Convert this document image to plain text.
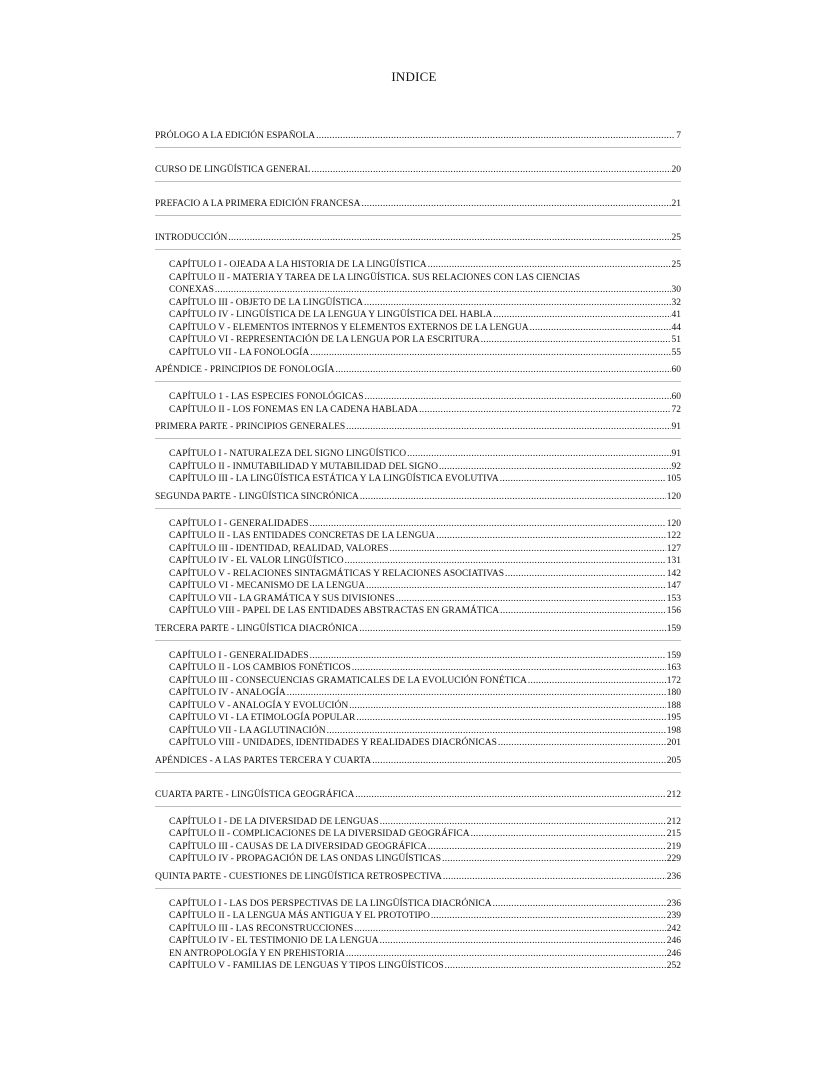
INDICE
PRÓLOGO A LA EDICIÓN ESPAÑOLA .....	7
CURSO DE LINGÜÍSTICA GENERAL .....	20
PREFACIO A LA PRIMERA EDICIÓN FRANCESA .....	21
INTRODUCCIÓN .....	25
CAPÍTULO I - OJEADA A LA HISTORIA DE LA LINGÜÍSTICA .....	25
CAPÍTULO II - MATERIA Y TAREA DE LA LINGÜÍSTICA. SUS RELACIONES CON LAS CIENCIAS
CONEXAS .....	30
CAPÍTULO III - OBJETO DE LA LINGÜÍSTICA .....	32
CAPÍTULO IV - LINGÜÍSTICA DE LA LENGUA Y LINGÜÍSTICA DEL HABLA .....	41
CAPÍTULO V - ELEMENTOS INTERNOS Y ELEMENTOS EXTERNOS DE LA LENGUA .....	44
CAPÍTULO VI - REPRESENTACIÓN DE LA LENGUA POR LA ESCRITURA .....	51
CAPÍTULO VII - LA FONOLOGÍA .....	55
APÉNDICE - PRINCIPIOS DE FONOLOGÍA .....	60
CAPÍTULO 1 - LAS ESPECIES FONOLÓGICAS .....	60
CAPÍTULO II - LOS FONEMAS EN LA CADENA HABLADA .....	72
PRIMERA PARTE - PRINCIPIOS GENERALES .....	91
CAPÍTULO I - NATURALEZA DEL SIGNO LINGÜÍSTICO .....	91
CAPÍTULO II - INMUTABILIDAD Y MUTABILIDAD DEL SIGNO .....	92
CAPÍTULO III - LA LINGÜÍSTICA ESTÁTICA Y LA LINGÜÍSTICA EVOLUTIVA .....	105
SEGUNDA PARTE - LINGÜÍSTICA SINCRÓNICA .....	120
CAPÍTULO I - GENERALIDADES .....	120
CAPÍTULO II - LAS ENTIDADES CONCRETAS DE LA LENGUA .....	122
CAPÍTULO III - IDENTIDAD, REALIDAD, VALORES .....	127
CAPÍTULO IV - EL VALOR LINGÜÍSTICO .....	131
CAPÍTULO V - RELACIONES SINTAGMÁTICAS Y RELACIONES ASOCIATIVAS .....	142
CAPÍTULO VI - MECANISMO DE LA LENGUA .....	147
CAPÍTULO VII - LA GRAMÁTICA Y SUS DIVISIONES .....	153
CAPÍTULO VIII - PAPEL DE LAS ENTIDADES ABSTRACTAS EN GRAMÁTICA .....	156
TERCERA PARTE - LINGÜÍSTICA DIACRÓNICA .....	159
CAPÍTULO I - GENERALIDADES .....	159
CAPÍTULO II - LOS CAMBIOS FONÉTICOS .....	163
CAPÍTULO III - CONSECUENCIAS GRAMATICALES DE LA EVOLUCIÓN FONÉTICA .....	172
CAPÍTULO IV - ANALOGÍA .....	180
CAPÍTULO V - ANALOGÍA Y EVOLUCIÓN .....	188
CAPÍTULO VI - LA ETIMOLOGÍA POPULAR .....	195
CAPÍTULO VII - LA AGLUTINACIÓN .....	198
CAPÍTULO VIII - UNIDADES, IDENTIDADES Y REALIDADES DIACRÓNICAS .....	201
APÉNDICES - A LAS PARTES TERCERA Y CUARTA .....	205
CUARTA PARTE - LINGÜÍSTICA GEOGRÁFICA .....	212
CAPÍTULO I - DE LA DIVERSIDAD DE LENGUAS .....	212
CAPÍTULO II - COMPLICACIONES DE LA DIVERSIDAD GEOGRÁFICA .....	215
CAPÍTULO III - CAUSAS DE LA DIVERSIDAD GEOGRÁFICA .....	219
CAPÍTULO IV - PROPAGACIÓN DE LAS ONDAS LINGÜÍSTICAS .....	229
QUINTA PARTE - CUESTIONES DE LINGÜÍSTICA RETROSPECTIVA .....	236
CAPÍTULO I - LAS DOS PERSPECTIVAS DE LA LINGÜÍSTICA DIACRÓNICA .....	236
CAPÍTULO II - LA LENGUA MÁS ANTIGUA Y EL PROTOTIPO .....	239
CAPÍTULO III - LAS RECONSTRUCCIONES .....	242
CAPÍTULO IV - EL TESTIMONIO DE LA LENGUA .....	246
EN ANTROPOLOGÍA Y EN PREHISTORIA .....	246
CAPÍTULO V - FAMILIAS DE LENGUAS Y TIPOS LINGÜÍSTICOS .....	252
